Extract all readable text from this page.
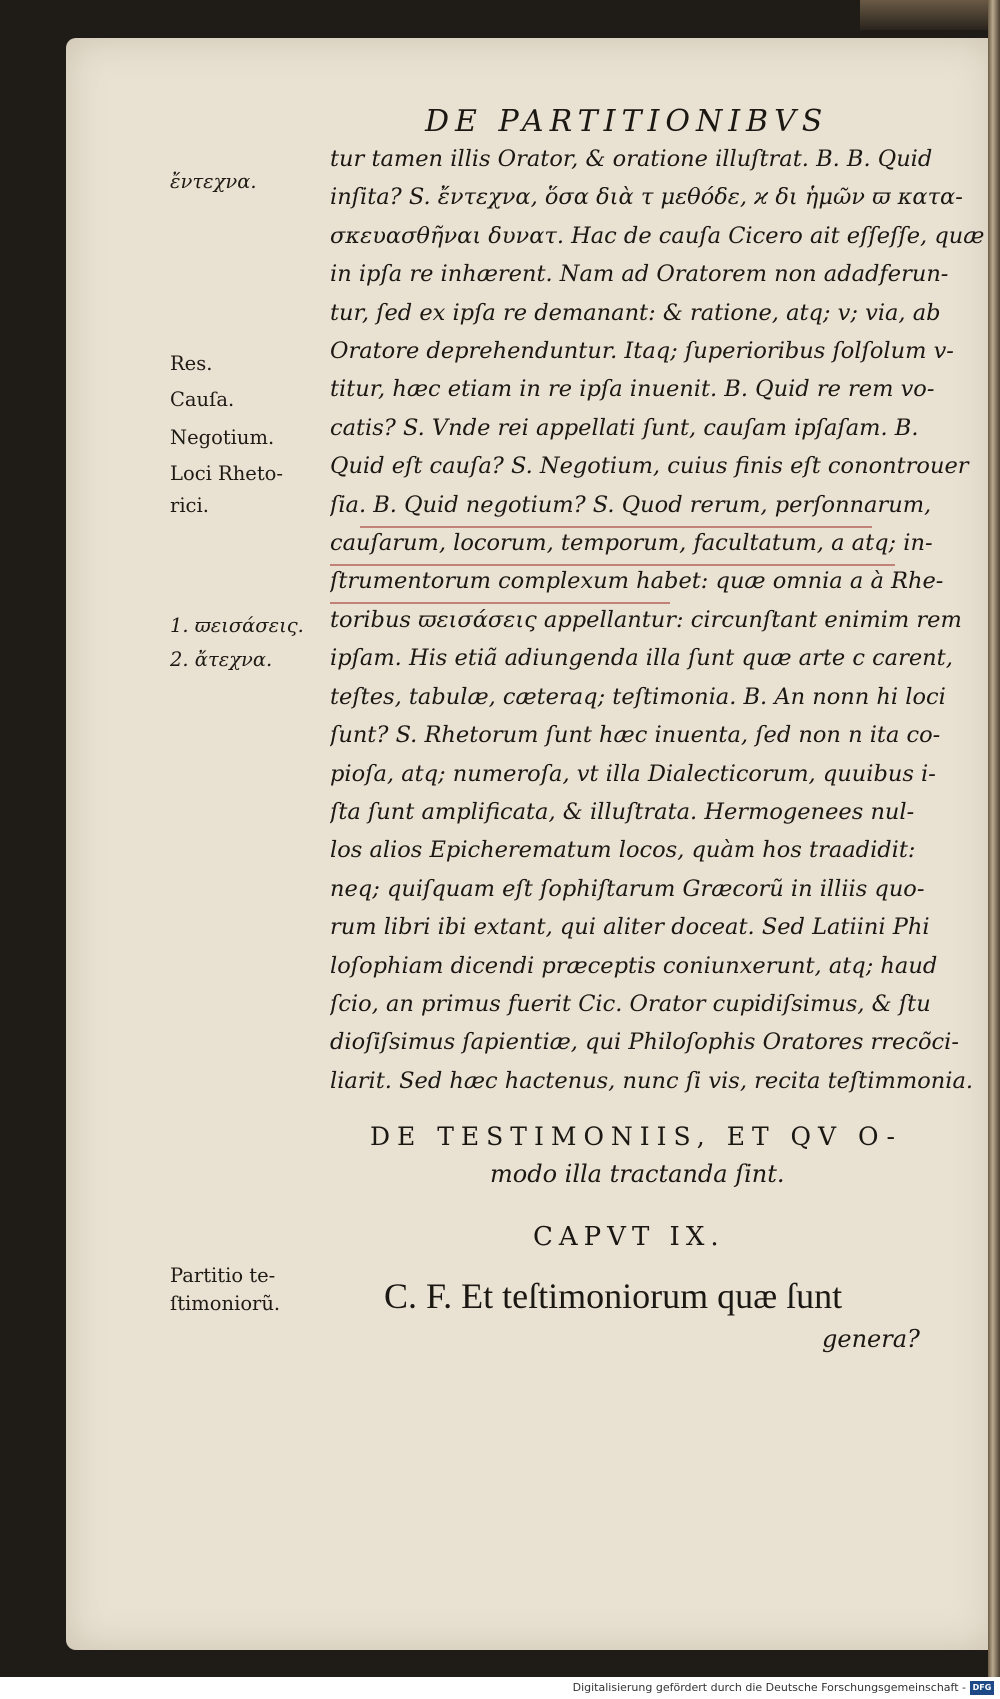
DE PARTITIONIBVS
ἔντεχνα.
Res.
Cauſa.
Negotium.
Loci Rheto-
rici.
1. ϖεισάσεις.
2. ἄτεχνα.
Partitio te-
ſtimoniorũ.
tur tamen illis Orator, & oratione illuſtrat. B. B. Quid
inſita? S. ἔντεχνα, ὅσα διὰ τ μεθόδε, ϰ δι ἡμῶν ϖ κατα-
σκευασθῆναι δυνατ. Hac de cauſa Cicero ait eſſeſſe, quæ
in ipſa re inhærent. Nam ad Oratorem non adadferun-
tur, ſed ex ipſa re demanant: & ratione, atq; v; via, ab
Oratore deprehenduntur. Itaq; ſuperioribus ſolſolum v-
titur, hæc etiam in re ipſa inuenit. B. Quid re rem vo-
catis? S. Vnde rei appellati ſunt, cauſam ipſaſam. B.
Quid eſt cauſa? S. Negotium, cuius finis eſt conontrouer
ſia. B. Quid negotium? S. Quod rerum, perſonnarum,
cauſarum, locorum, temporum, facultatum, a atq; in-
ſtrumentorum complexum habet: quæ omnia a à Rhe-
toribus ϖεισάσεις appellantur: circunſtant enimim rem
ipſam. His etiã adiungenda illa ſunt quæ arte c carent,
teſtes, tabulæ, cæteraq; teſtimonia. B. An nonn hi loci
ſunt? S. Rhetorum ſunt hæc inuenta, ſed non n ita co-
pioſa, atq; numeroſa, vt illa Dialecticorum, quuibus i-
ſta ſunt amplificata, & illuſtrata. Hermogenees nul-
los alios Epicherematum locos, quàm hos traadidit:
neq; quiſquam eſt ſophiſtarum Græcorũ in illiis quo-
rum libri ibi extant, qui aliter doceat. Sed Latiini Phi
loſophiam dicendi præceptis coniunxerunt, atq; haud
ſcio, an primus fuerit Cic. Orator cupidiſsimus, & ſtu
dioſiſsimus ſapientiæ, qui Philoſophis Oratores rrecõci-
liarit. Sed hæc hactenus, nunc ſi vis, recita teſtimmonia.
DE TESTIMONIIS, ET QV O-
modo illa tractanda ſint.
CAPVT IX.
C. F. Et teſtimoniorum quæ ſunt
genera?
Digitalisierung gefördert durch die Deutsche Forschungsgemeinschaft - DFG
